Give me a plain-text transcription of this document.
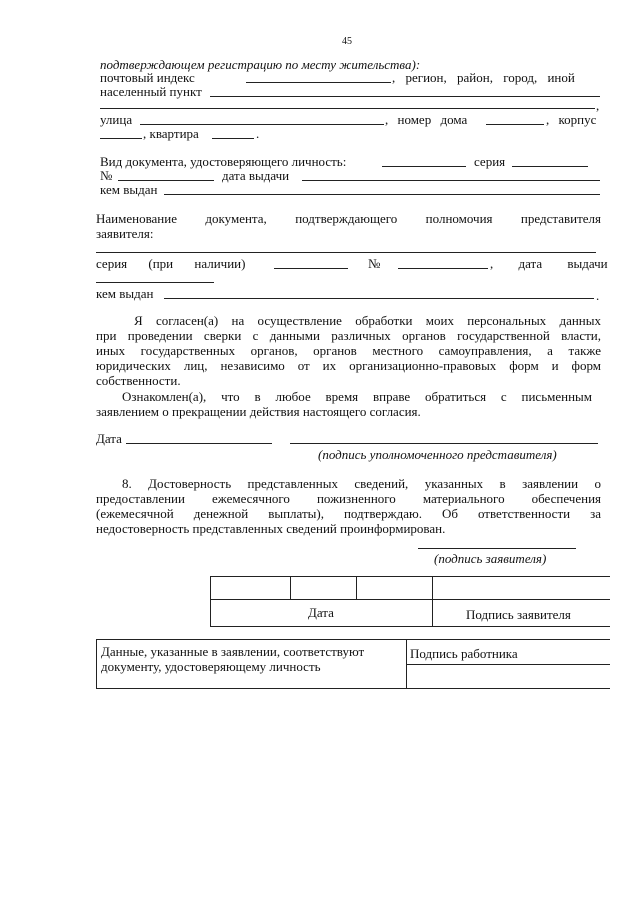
45
подтверждающем регистрацию по месту жительства):
почтовый индекс	, регион, район, город, иной
населенный пункт
,
улица	, номер дома	, корпус
, квартира	.
Вид документа, удостоверяющего личность:	серия
№	дата выдачи
кем выдан
Наименование документа, подтверждающего полномочия представителя
заявителя:
серия (при наличии)	№	, дата выдачи
кем выдан	.
Я согласен(а) на осуществление обработки моих персональных данных
при проведении сверки с данными различных органов государственной власти,
иных государственных органов, органов местного самоуправления, а также
юридических лиц, независимо от их организационно-правовых форм и форм
собственности.
Ознакомлен(а), что в любое время вправе обратиться с письменным
заявлением о прекращении действия настоящего согласия.
Дата
(подпись уполномоченного представителя)
8. Достоверность представленных сведений, указанных в заявлении о
предоставлении ежемесячного пожизненного материального обеспечения
(ежемесячной денежной выплаты), подтверждаю. Об ответственности за
недостоверность представленных сведений проинформирован.
(подпись заявителя)
Дата	Подпись заявителя
Данные, указанные в заявлении, соответствуют
документу, удостоверяющему личность
Подпись работника
